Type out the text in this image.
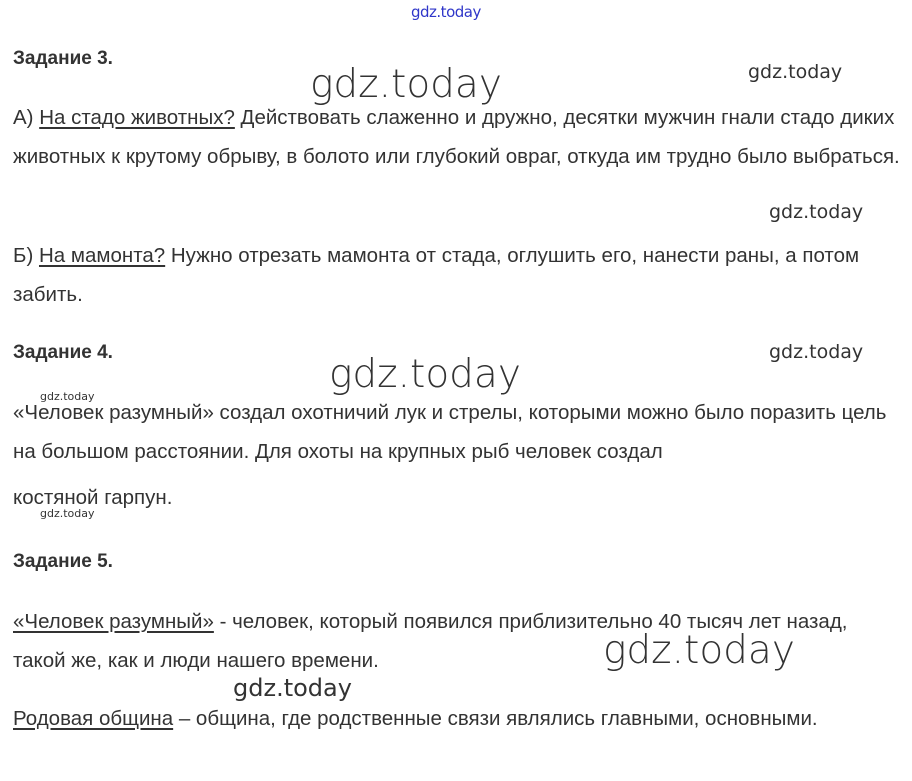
gdz.today
gdz.today	gdz.today
gdz.today
gdz.today
gdz.today
gdz.today
gdz.today
gdz.today
gdz.today
Задание 3.
А) На стадо животных? Действовать слаженно и дружно, десятки мужчин гнали стадо диких животных к крутому обрыву, в болото или глубокий овраг, откуда им трудно было выбраться.
Б) На мамонта? Нужно отрезать мамонта от стада, оглушить его, нанести раны, а потом забить.
Задание 4.
«Человек разумный» создал охотничий лук и стрелы, которыми можно было поразить цель на большом расстоянии. Для охоты на крупных рыб человек создал
костяной гарпун.
Задание 5.
«Человек разумный» - человек, который появился приблизительно 40 тысяч лет назад, такой же, как и люди нашего времени.
Родовая община – община, где родственные связи являлись главными, основными.
